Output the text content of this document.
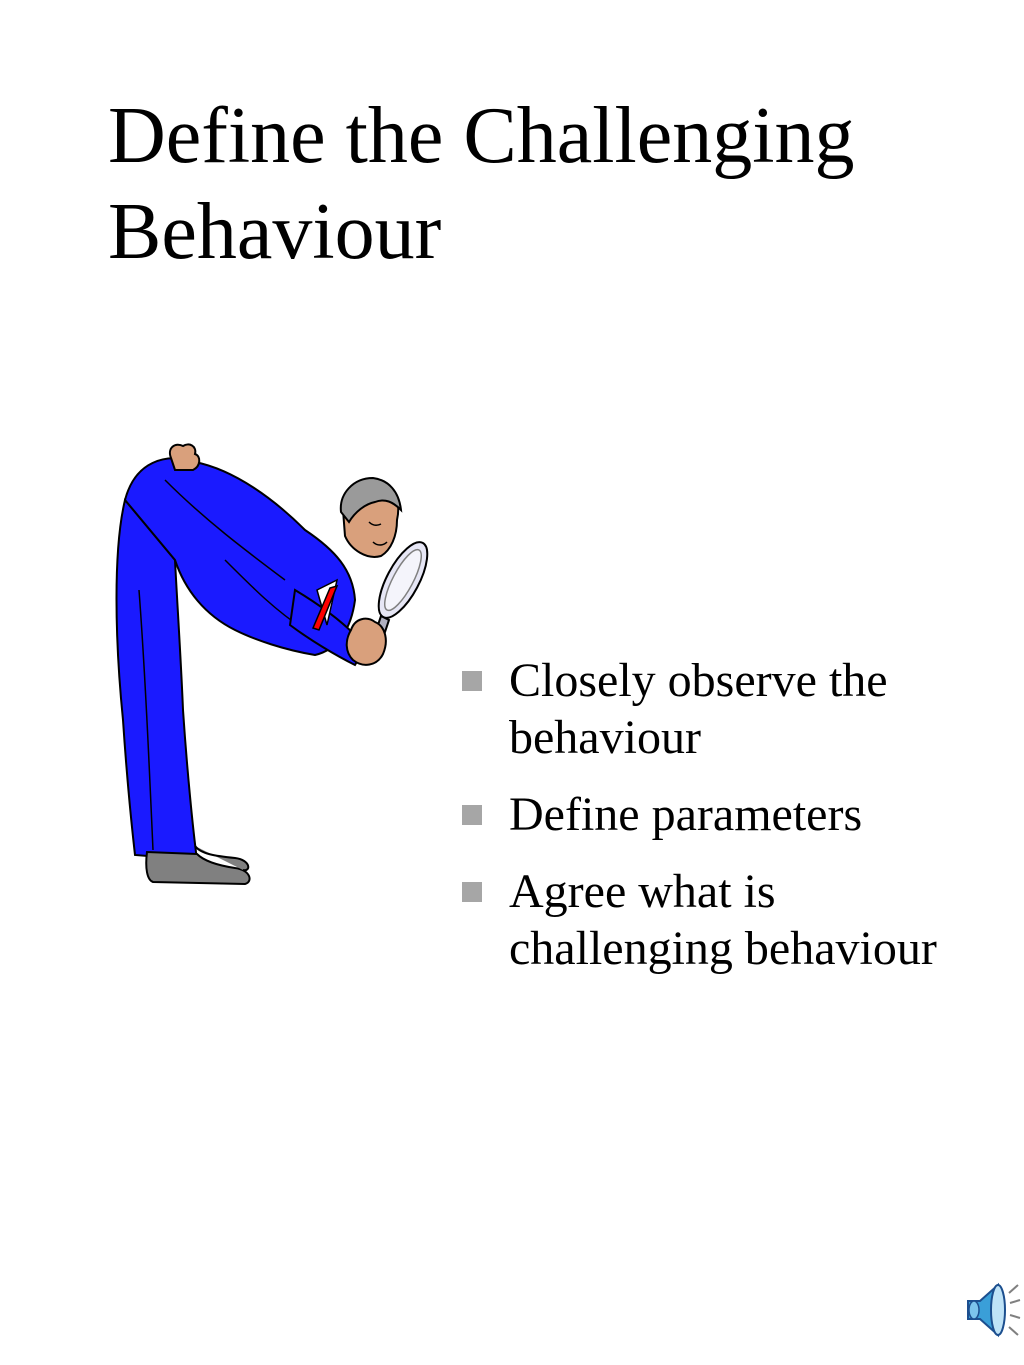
Define the Challenging Behaviour
Closely observe the behaviour
Define parameters
Agree what is challenging behaviour
